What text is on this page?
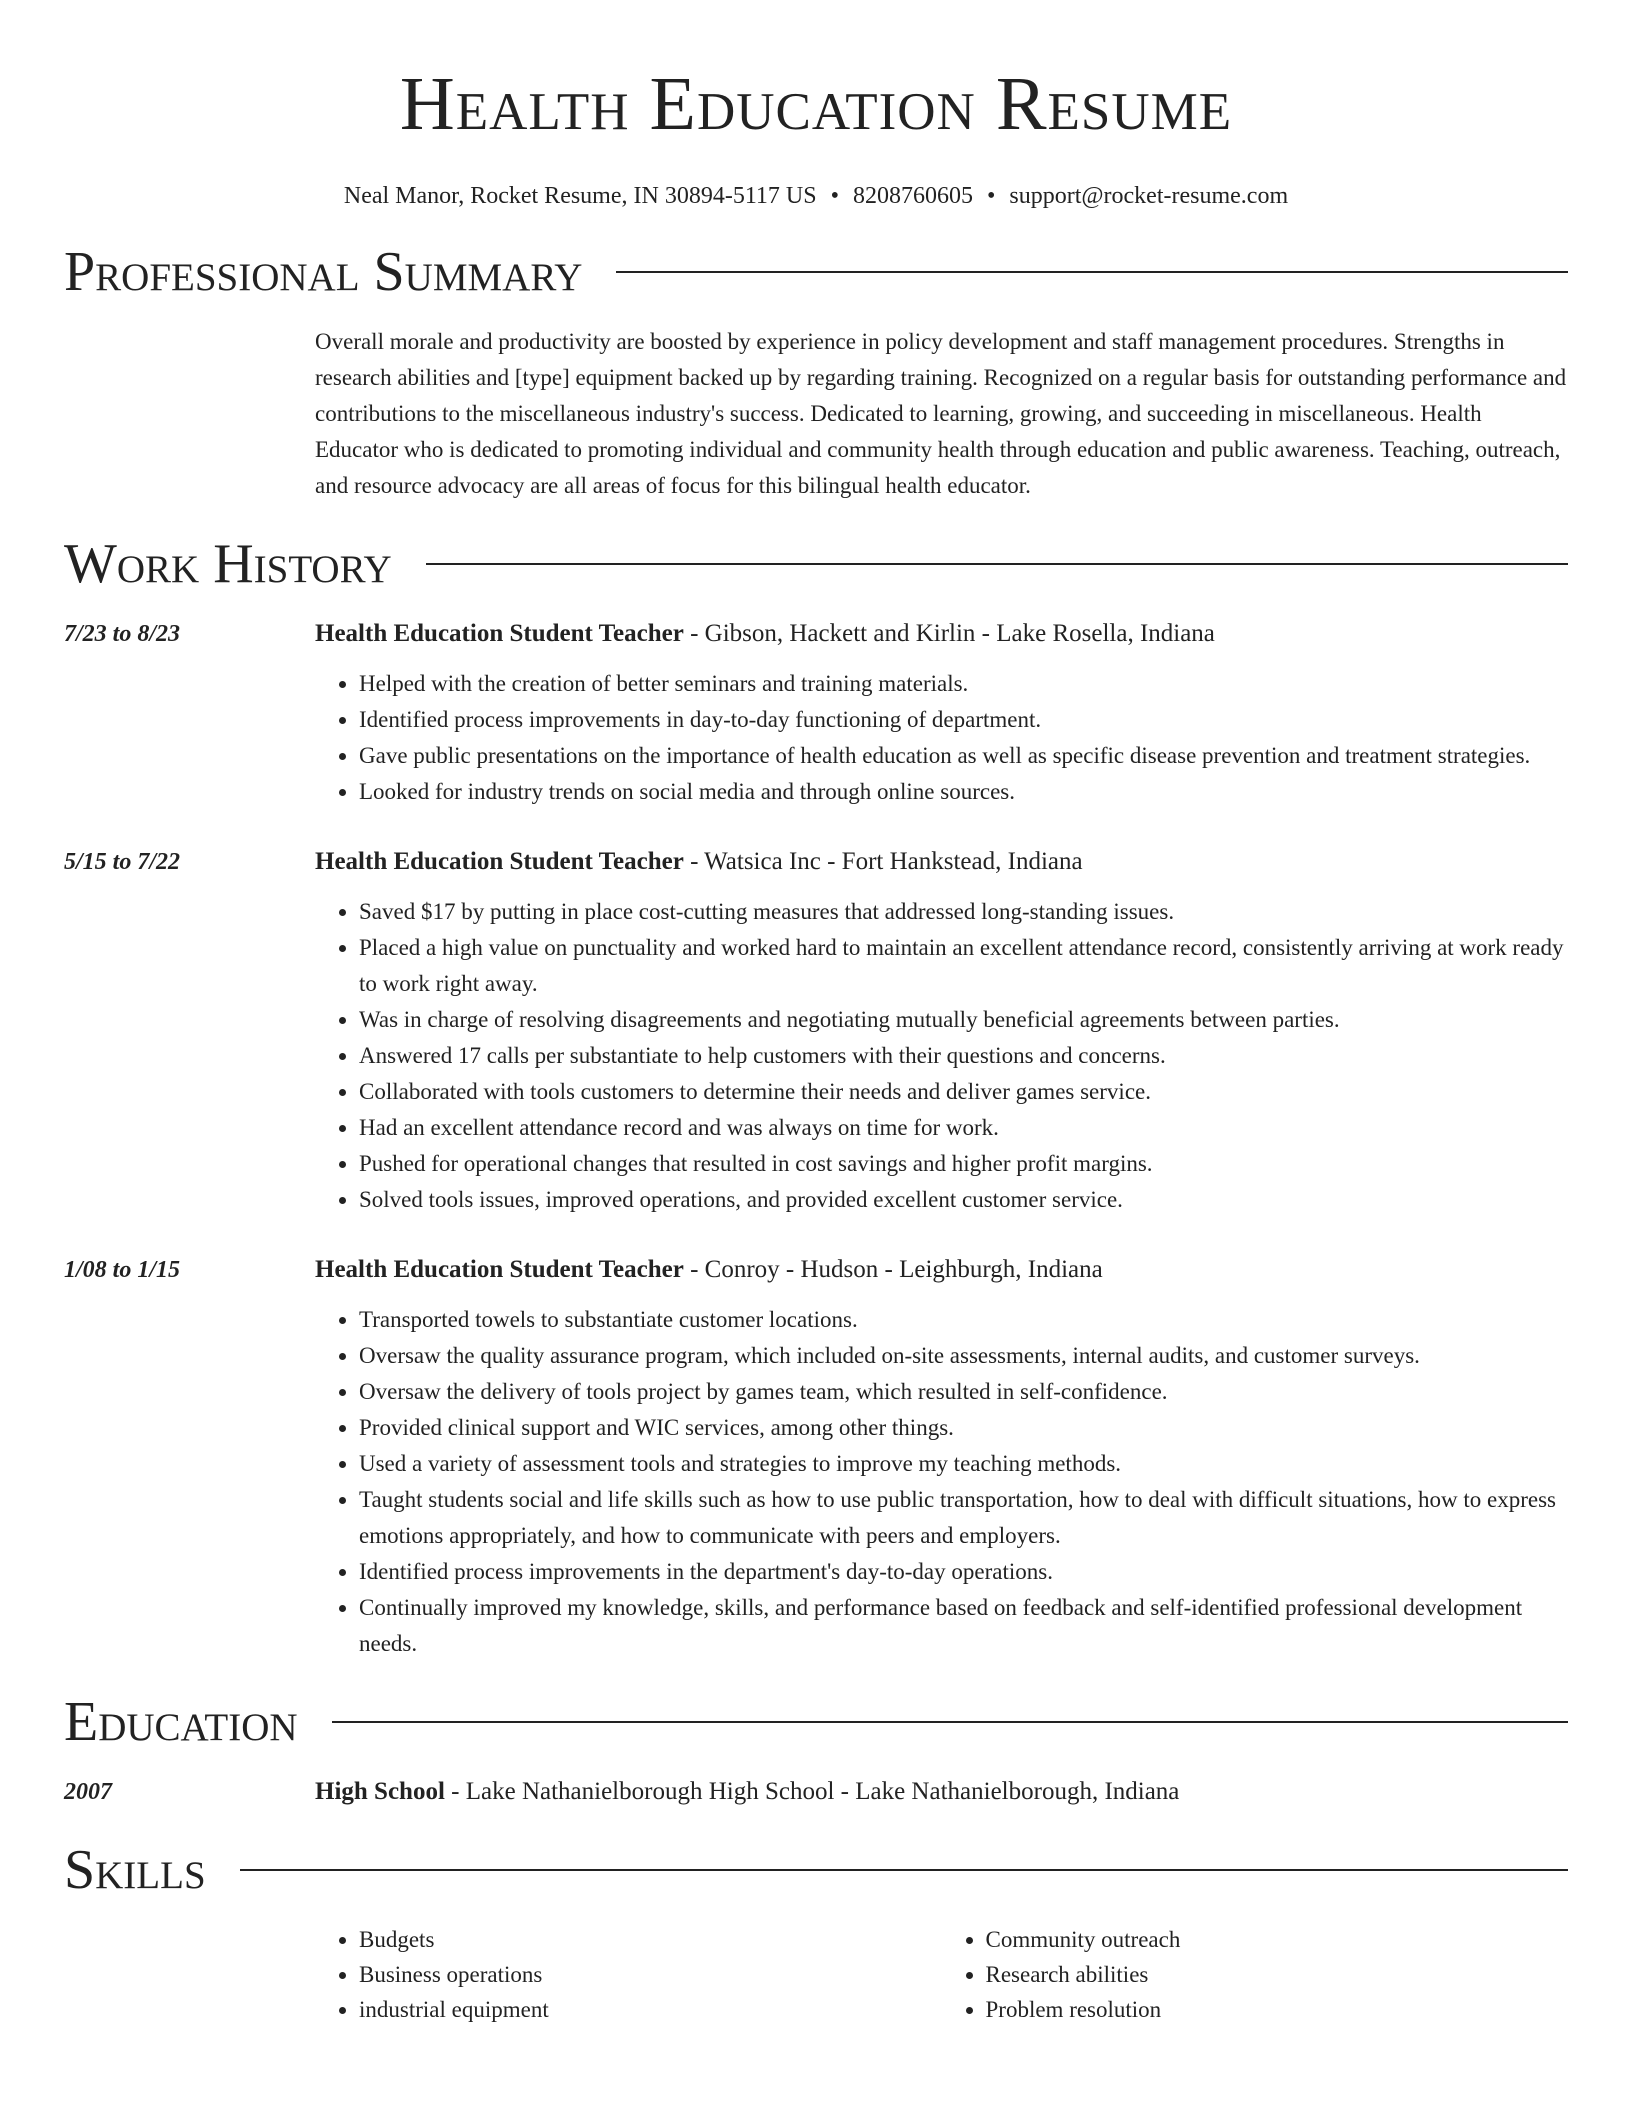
Health Education Resume
Neal Manor, Rocket Resume, IN 30894-5117 US • 8208760605 • support@rocket-resume.com
Professional Summary
Overall morale and productivity are boosted by experience in policy development and staff management procedures. Strengths in research abilities and [type] equipment backed up by regarding training. Recognized on a regular basis for outstanding performance and contributions to the miscellaneous industry's success. Dedicated to learning, growing, and succeeding in miscellaneous. Health Educator who is dedicated to promoting individual and community health through education and public awareness. Teaching, outreach, and resource advocacy are all areas of focus for this bilingual health educator.
Work History
7/23 to 8/23	Health Education Student Teacher - Gibson, Hackett and Kirlin - Lake Rosella, Indiana
• Helped with the creation of better seminars and training materials.
• Identified process improvements in day-to-day functioning of department.
• Gave public presentations on the importance of health education as well as specific disease prevention and treatment strategies.
• Looked for industry trends on social media and through online sources.
5/15 to 7/22	Health Education Student Teacher - Watsica Inc - Fort Hankstead, Indiana
• Saved $17 by putting in place cost-cutting measures that addressed long-standing issues.
• Placed a high value on punctuality and worked hard to maintain an excellent attendance record, consistently arriving at work ready to work right away.
• Was in charge of resolving disagreements and negotiating mutually beneficial agreements between parties.
• Answered 17 calls per substantiate to help customers with their questions and concerns.
• Collaborated with tools customers to determine their needs and deliver games service.
• Had an excellent attendance record and was always on time for work.
• Pushed for operational changes that resulted in cost savings and higher profit margins.
• Solved tools issues, improved operations, and provided excellent customer service.
1/08 to 1/15	Health Education Student Teacher - Conroy - Hudson - Leighburgh, Indiana
• Transported towels to substantiate customer locations.
• Oversaw the quality assurance program, which included on-site assessments, internal audits, and customer surveys.
• Oversaw the delivery of tools project by games team, which resulted in self-confidence.
• Provided clinical support and WIC services, among other things.
• Used a variety of assessment tools and strategies to improve my teaching methods.
• Taught students social and life skills such as how to use public transportation, how to deal with difficult situations, how to express emotions appropriately, and how to communicate with peers and employers.
• Identified process improvements in the department's day-to-day operations.
• Continually improved my knowledge, skills, and performance based on feedback and self-identified professional development needs.
Education
2007	High School - Lake Nathanielborough High School - Lake Nathanielborough, Indiana
Skills
• Budgets
• Business operations
• industrial equipment
• Community outreach
• Research abilities
• Problem resolution
